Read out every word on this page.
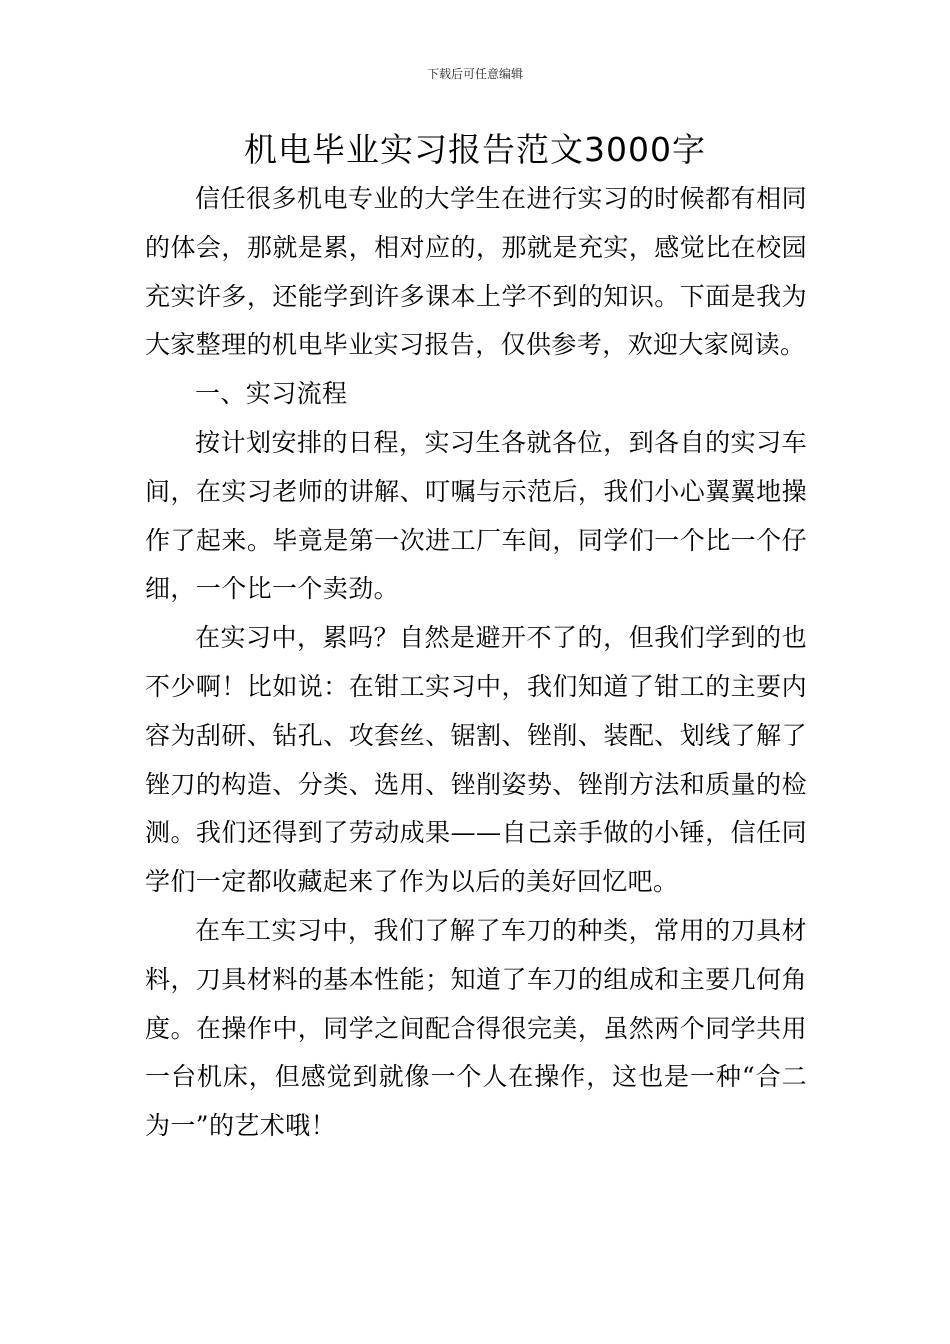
下载后可任意编辑
机电毕业实习报告范文3000字

信任很多机电专业的大学生在进行实习的时候都有相同的体会，那就是累，相对应的，那就是充实，感觉比在校园充实许多，还能学到许多课本上学不到的知识。下面是我为大家整理的机电毕业实习报告，仅供参考，欢迎大家阅读。

一、实习流程

按计划安排的日程，实习生各就各位，到各自的实习车间，在实习老师的讲解、叮嘱与示范后，我们小心翼翼地操作了起来。毕竟是第一次进工厂车间，同学们一个比一个仔细，一个比一个卖劲。

在实习中，累吗？自然是避开不了的，但我们学到的也不少啊！比如说：在钳工实习中，我们知道了钳工的主要内容为刮研、钻孔、攻套丝、锯割、锉削、装配、划线了解了锉刀的构造、分类、选用、锉削姿势、锉削方法和质量的检测。我们还得到了劳动成果——自己亲手做的小锤，信任同学们一定都收藏起来了作为以后的美好回忆吧。

在车工实习中，我们了解了车刀的种类，常用的刀具材料，刀具材料的基本性能；知道了车刀的组成和主要几何角度。在操作中，同学之间配合得很完美，虽然两个同学共用一台机床，但感觉到就像一个人在操作，这也是一种“合二为一”的艺术哦！
